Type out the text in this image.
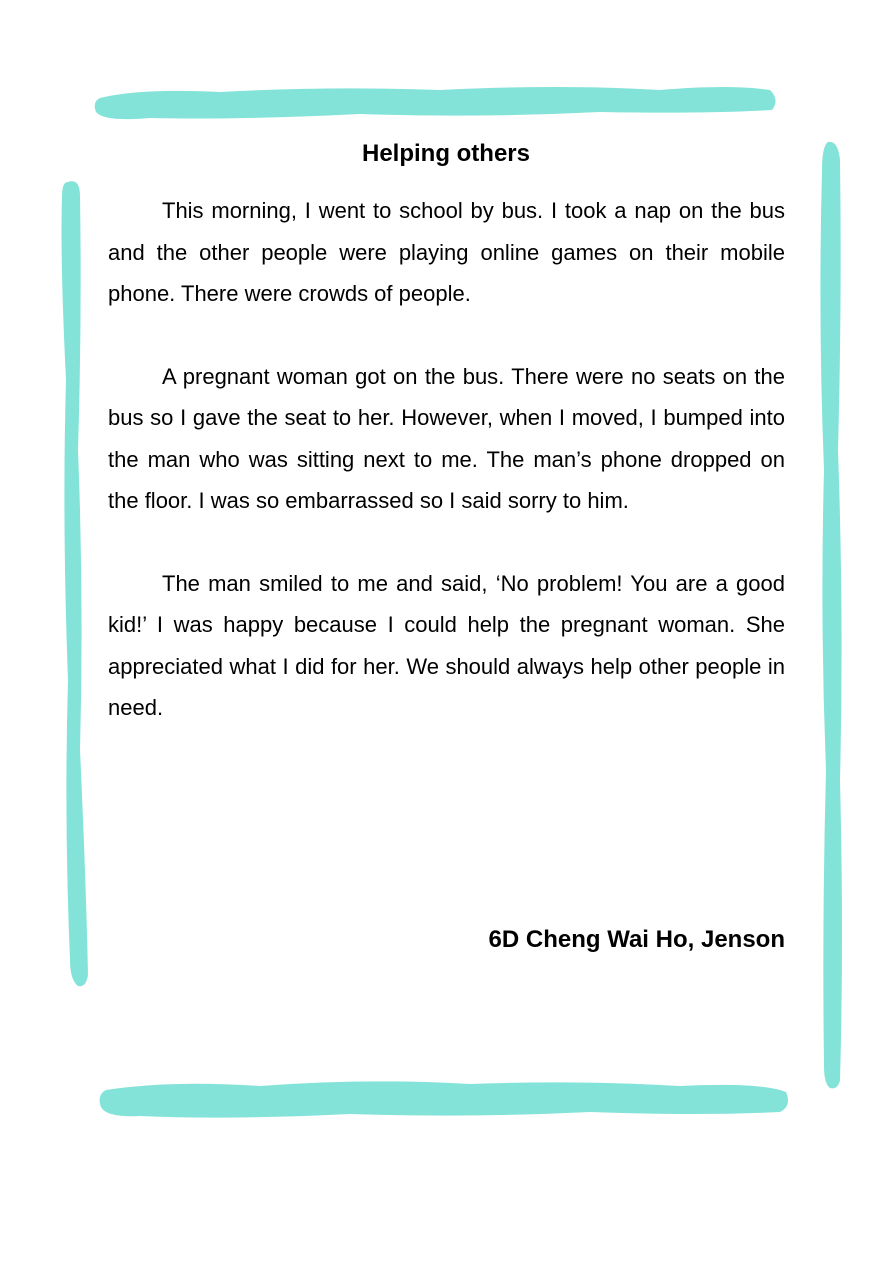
Helping others

This morning, I went to school by bus. I took a nap on the bus and the other people were playing online games on their mobile phone. There were crowds of people.

A pregnant woman got on the bus. There were no seats on the bus so I gave the seat to her. However, when I moved, I bumped into the man who was sitting next to me. The man’s phone dropped on the floor. I was so embarrassed so I said sorry to him.

The man smiled to me and said, ‘No problem! You are a good kid!’ I was happy because I could help the pregnant woman. She appreciated what I did for her. We should always help other people in need.

6D Cheng Wai Ho, Jenson
